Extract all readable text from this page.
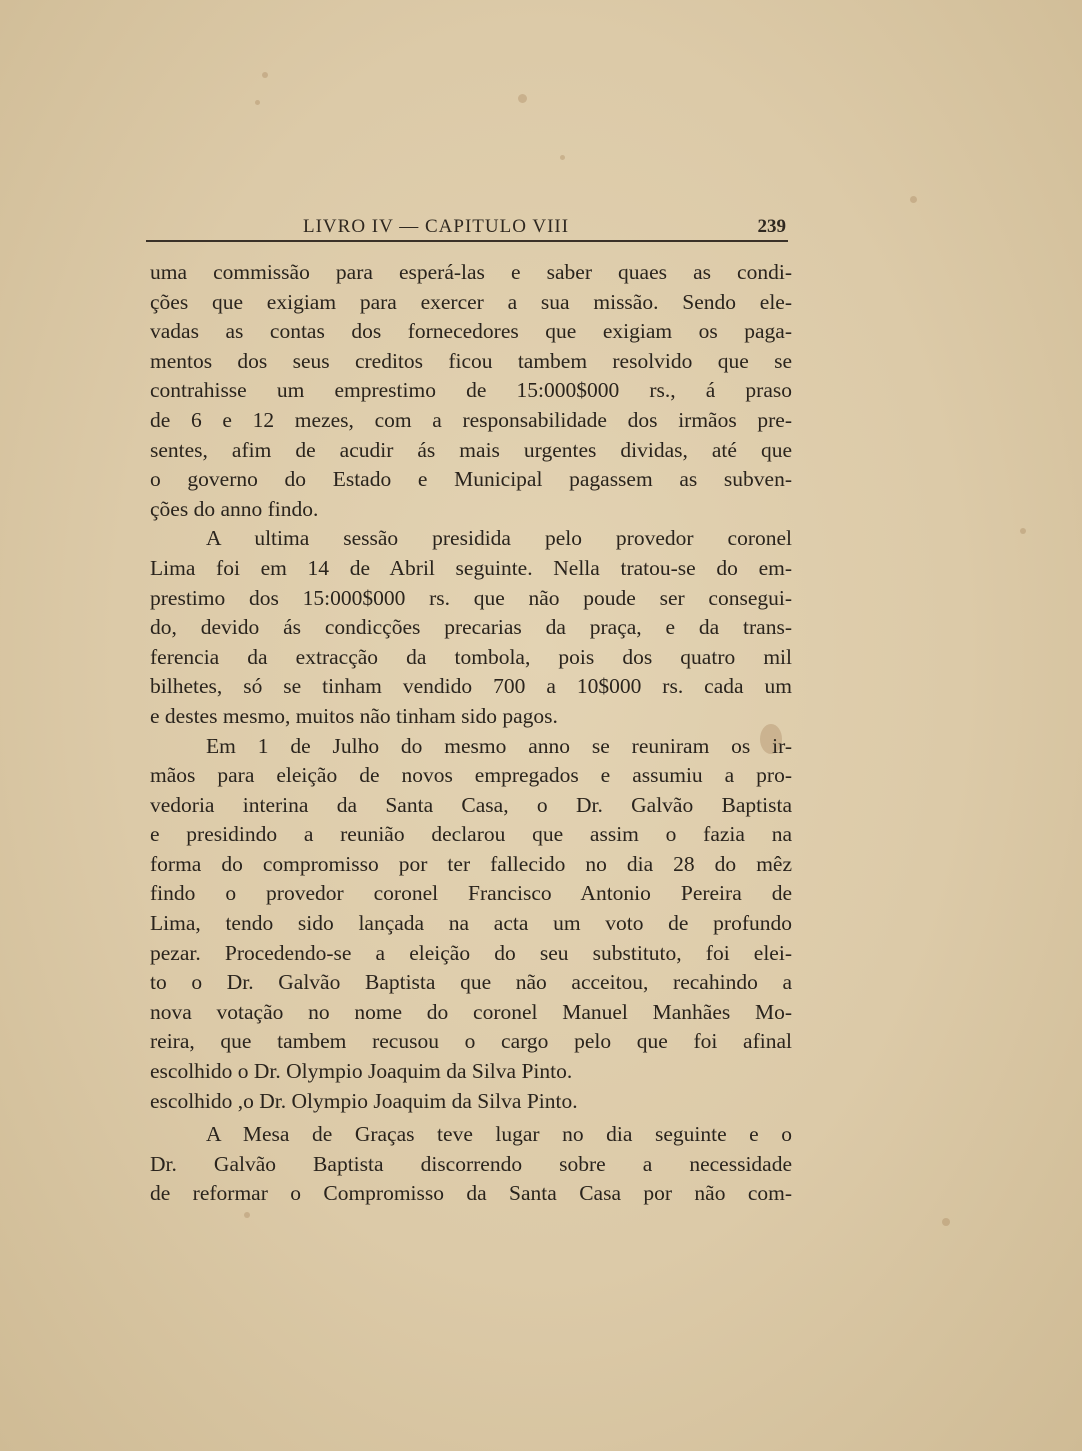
LIVRO IV — CAPITULO VIII	239
uma commissão para esperá-las e saber quaes as condi-
ções que exigiam para exercer a sua missão. Sendo ele-
vadas as contas dos fornecedores que exigiam os paga-
mentos dos seus creditos ficou tambem resolvido que se
contrahisse um emprestimo de 15:000$000 rs., á praso
de 6 e 12 mezes, com a responsabilidade dos irmãos pre-
sentes, afim de acudir ás mais urgentes dividas, até que
o governo do Estado e Municipal pagassem as subven-
ções do anno findo.
A ultima sessão presidida pelo provedor coronel
Lima foi em 14 de Abril seguinte. Nella tratou-se do em-
prestimo dos 15:000$000 rs. que não poude ser consegui-
do, devido ás condicções precarias da praça, e da trans-
ferencia da extracção da tombola, pois dos quatro mil
bilhetes, só se tinham vendido 700 a 10$000 rs. cada um
e destes mesmo, muitos não tinham sido pagos.
Em 1 de Julho do mesmo anno se reuniram os ir-
mãos para eleição de novos empregados e assumiu a pro-
vedoria interina da Santa Casa, o Dr. Galvão Baptista
e presidindo a reunião declarou que assim o fazia na
forma do compromisso por ter fallecido no dia 28 do mêz
findo o provedor coronel Francisco Antonio Pereira de
Lima, tendo sido lançada na acta um voto de profundo
pezar. Procedendo-se a eleição do seu substituto, foi elei-
to o Dr. Galvão Baptista que não acceitou, recahindo a
nova votação no nome do coronel Manuel Manhães Mo-
reira, que tambem recusou o cargo pelo que foi afinal
escolhido o Dr. Olympio Joaquim da Silva Pinto.
escolhido ,o Dr. Olympio Joaquim da Silva Pinto.
A Mesa de Graças teve lugar no dia seguinte e o
Dr. Galvão Baptista discorrendo sobre a necessidade
de reformar o Compromisso da Santa Casa por não com-
